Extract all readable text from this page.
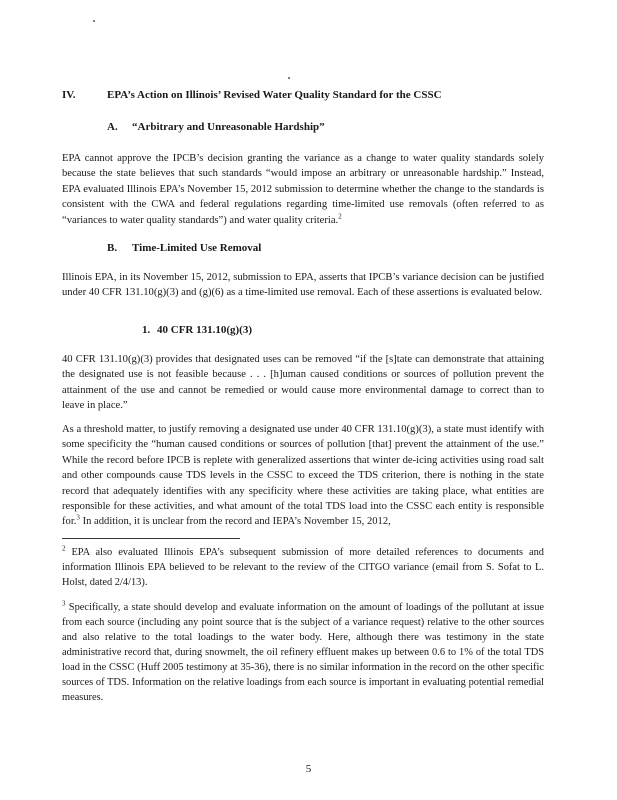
IV.	EPA’s Action on Illinois’ Revised Water Quality Standard for the CSSC
A. “Arbitrary and Unreasonable Hardship”
EPA cannot approve the IPCB’s decision granting the variance as a change to water quality standards solely because the state believes that such standards “would impose an arbitrary or unreasonable hardship.” Instead, EPA evaluated Illinois EPA’s November 15, 2012 submission to determine whether the change to the standards is consistent with the CWA and federal regulations regarding time-limited use removals (often referred to as “variances to water quality standards”) and water quality criteria.$^2$
B. Time-Limited Use Removal
Illinois EPA, in its November 15, 2012, submission to EPA, asserts that IPCB’s variance decision can be justified under 40 CFR 131.10(g)(3) and (g)(6) as a time-limited use removal. Each of these assertions is evaluated below.
1. 40 CFR 131.10(g)(3)
40 CFR 131.10(g)(3) provides that designated uses can be removed “if the [s]tate can demonstrate that attaining the designated use is not feasible because . . . [h]uman caused conditions or sources of pollution prevent the attainment of the use and cannot be remedied or would cause more environmental damage to correct than to leave in place.”
As a threshold matter, to justify removing a designated use under 40 CFR 131.10(g)(3), a state must identify with some specificity the “human caused conditions or sources of pollution [that] prevent the attainment of the use.” While the record before IPCB is replete with generalized assertions that winter de-icing activities using road salt and other compounds cause TDS levels in the CSSC to exceed the TDS criterion, there is nothing in the state record that adequately identifies with any specificity where these activities are taking place, what entities are responsible for these activities, and what amount of the total TDS load into the CSSC each entity is responsible for.$^3$ In addition, it is unclear from the record and IEPA’s November 15, 2012,
$^2$ EPA also evaluated Illinois EPA’s subsequent submission of more detailed references to documents and information Illinois EPA believed to be relevant to the review of the CITGO variance (email from S. Sofat to L. Holst, dated 2/4/13).
$^3$ Specifically, a state should develop and evaluate information on the amount of loadings of the pollutant at issue from each source (including any point source that is the subject of a variance request) relative to the other sources and also relative to the total loadings to the water body. Here, although there was testimony in the state administrative record that, during snowmelt, the oil refinery effluent makes up between 0.6 to 1% of the total TDS load in the CSSC (Huff 2005 testimony at 35-36), there is no similar information in the record on the other specific sources of TDS. Information on the relative loadings from each source is important in evaluating potential remedial measures.
5
